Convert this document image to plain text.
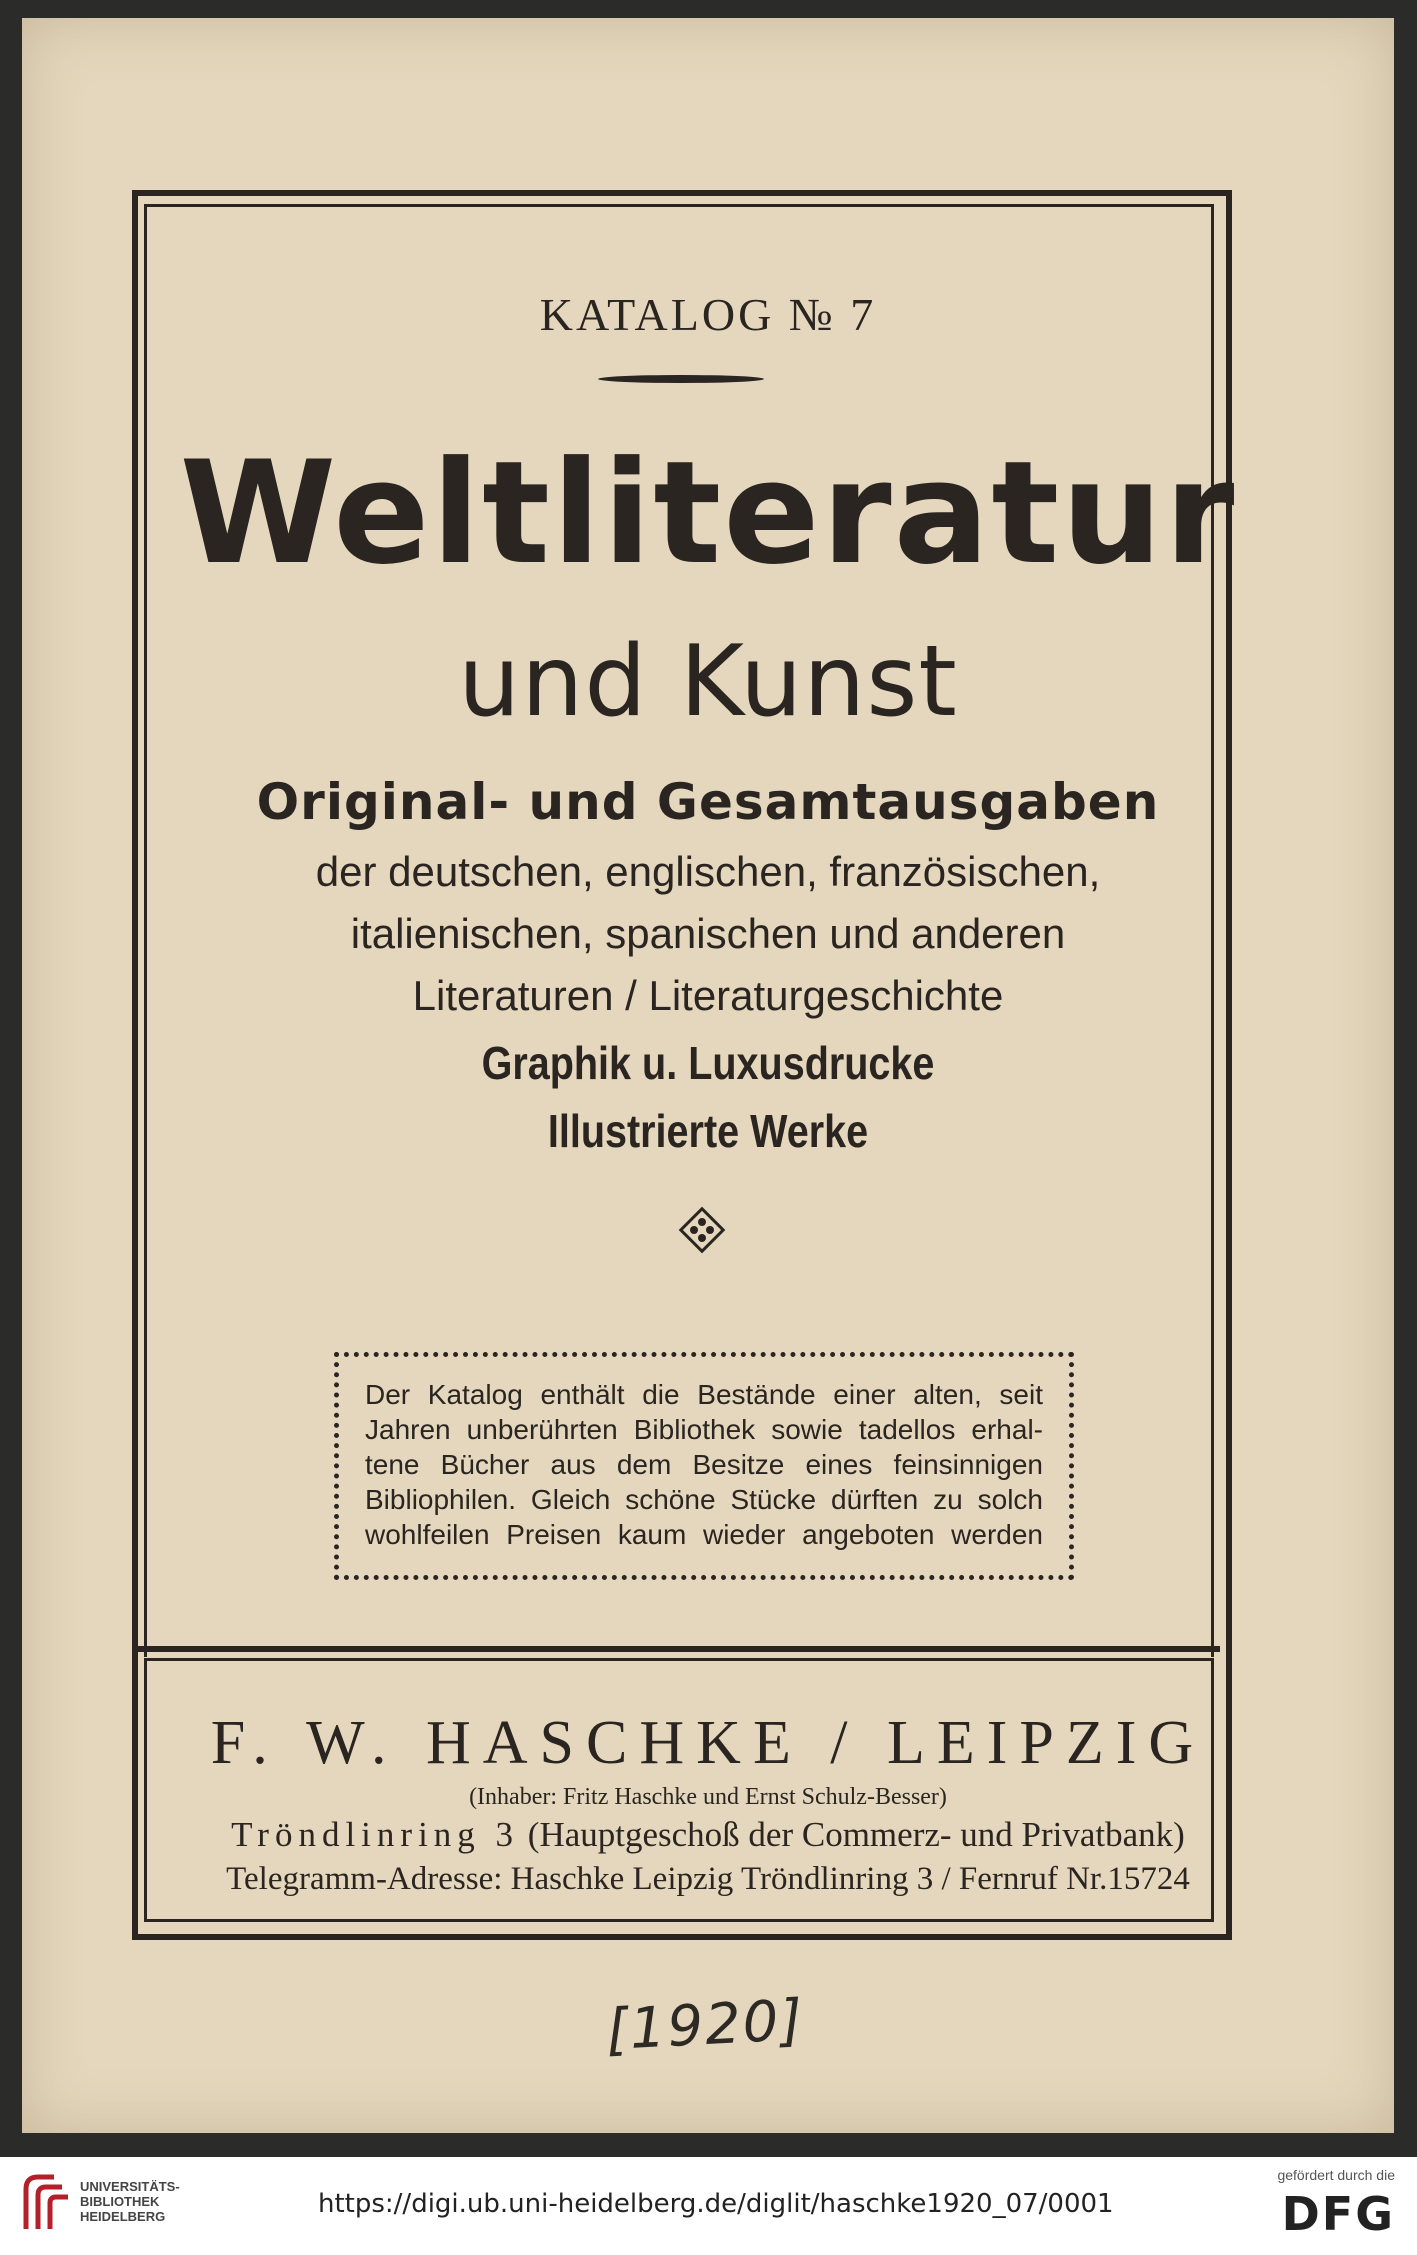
KATALOG № 7
Weltliteratur
und Kunst
Original- und Gesamtausgaben
der deutschen, englischen, französischen,
italienischen, spanischen und anderen
Literaturen / Literaturgeschichte
Graphik u. Luxusdrucke
Illustrierte Werke
Der Katalog enthält die Bestände einer alten, seit
Jahren unberührten Bibliothek sowie tadellos erhal-
tene Bücher aus dem Besitze eines feinsinnigen
Bibliophilen. Gleich schöne Stücke dürften zu solch
wohlfeilen Preisen kaum wieder angeboten werden
F. W. HASCHKE / LEIPZIG
(Inhaber: Fritz Haschke und Ernst Schulz-Besser)
Tröndlinring 3 (Hauptgeschoß der Commerz- und Privatbank)
Telegramm-Adresse: Haschke Leipzig Tröndlinring 3 / Fernruf Nr.15724
[1920]
UNIVERSITÄTS-
BIBLIOTHEK
HEIDELBERG	https://digi.ub.uni-heidelberg.de/diglit/haschke1920_07/0001
gefördert durch die
DFG
